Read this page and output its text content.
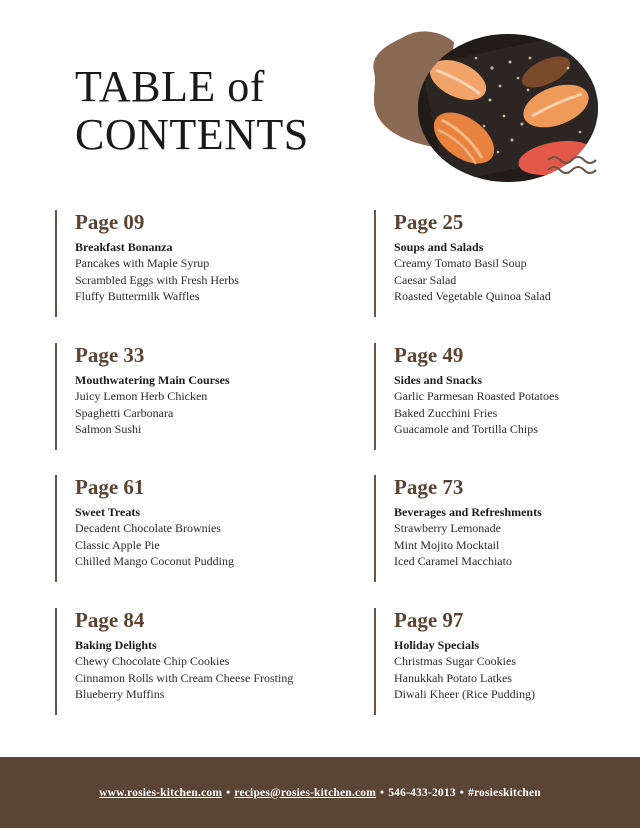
TABLE of
CONTENTS
Page 09
Breakfast Bonanza
Pancakes with Maple Syrup
Scrambled Eggs with Fresh Herbs
Fluffy Buttermilk Waffles
Page 25
Soups and Salads
Creamy Tomato Basil Soup
Caesar Salad
Roasted Vegetable Quinoa Salad
Page 33
Mouthwatering Main Courses
Juicy Lemon Herb Chicken
Spaghetti Carbonara
Salmon Sushi
Page 49
Sides and Snacks
Garlic Parmesan Roasted Potatoes
Baked Zucchini Fries
Guacamole and Tortilla Chips
Page 61
Sweet Treats
Decadent Chocolate Brownies
Classic Apple Pie
Chilled Mango Coconut Pudding
Page 73
Beverages and Refreshments
Strawberry Lemonade
Mint Mojito Mocktail
Iced Caramel Macchiato
Page 84
Baking Delights
Chewy Chocolate Chip Cookies
Cinnamon Rolls with Cream Cheese Frosting
Blueberry Muffins
Page 97
Holiday Specials
Christmas Sugar Cookies
Hanukkah Potato Latkes
Diwali Kheer (Rice Pudding)
www.rosies-kitchen.com • recipes@rosies-kitchen.com • 546-433-2013 • #rosieskitchen
